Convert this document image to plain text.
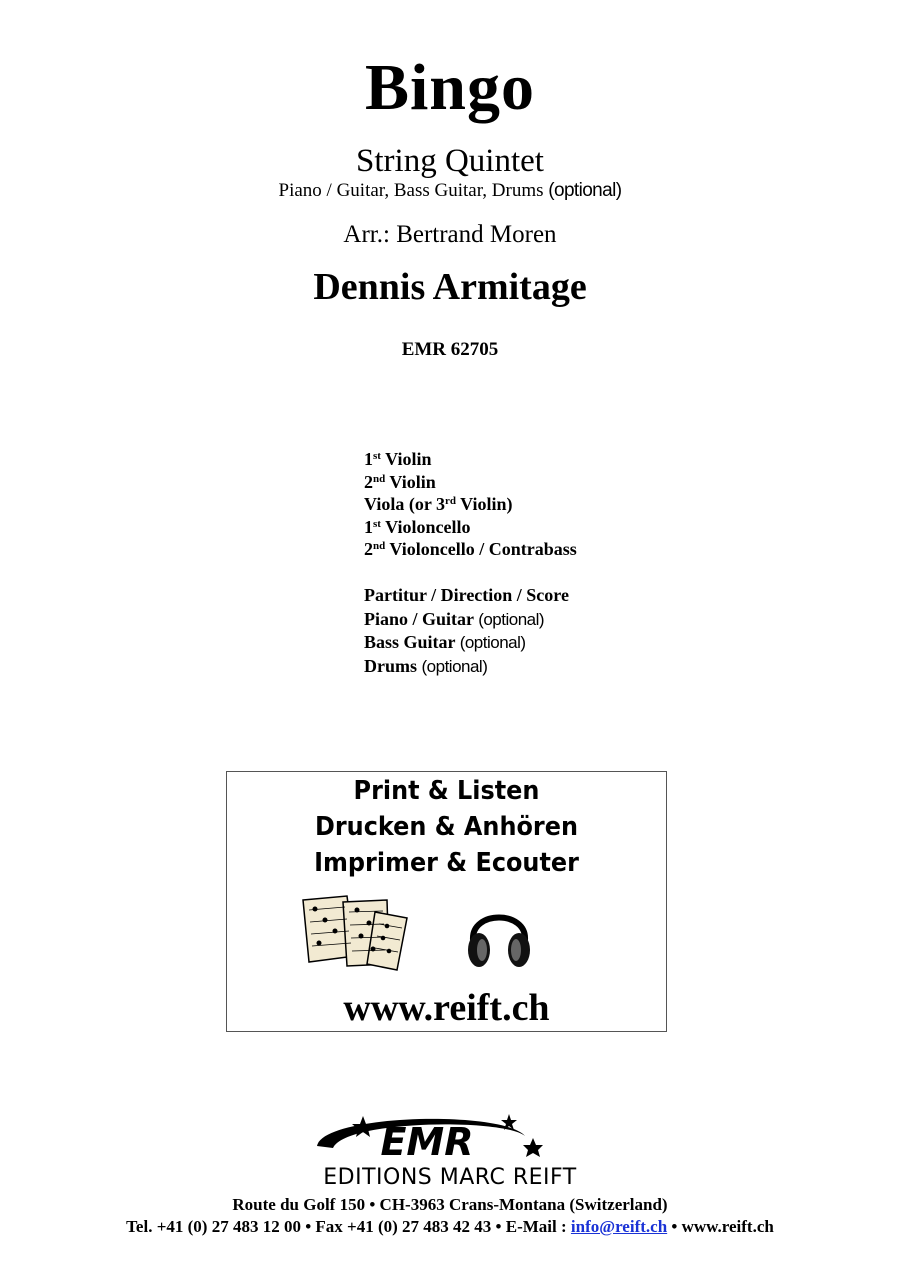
Bingo
String Quintet
Piano / Guitar, Bass Guitar, Drums (optional)
Arr.: Bertrand Moren
Dennis Armitage
EMR 62705
1st Violin
2nd Violin
Viola (or 3rd Violin)
1st Violoncello
2nd Violoncello / Contrabass
Partitur / Direction / Score
Piano / Guitar (optional)
Bass Guitar (optional)
Drums (optional)
Print & Listen
Drucken & Anhören
Imprimer & Ecouter
www.reift.ch
EMR
EDITIONS MARC REIFT
Route du Golf 150 • CH-3963 Crans-Montana (Switzerland)
Tel. +41 (0) 27 483 12 00 • Fax +41 (0) 27 483 42 43 • E-Mail : info@reift.ch • www.reift.ch
